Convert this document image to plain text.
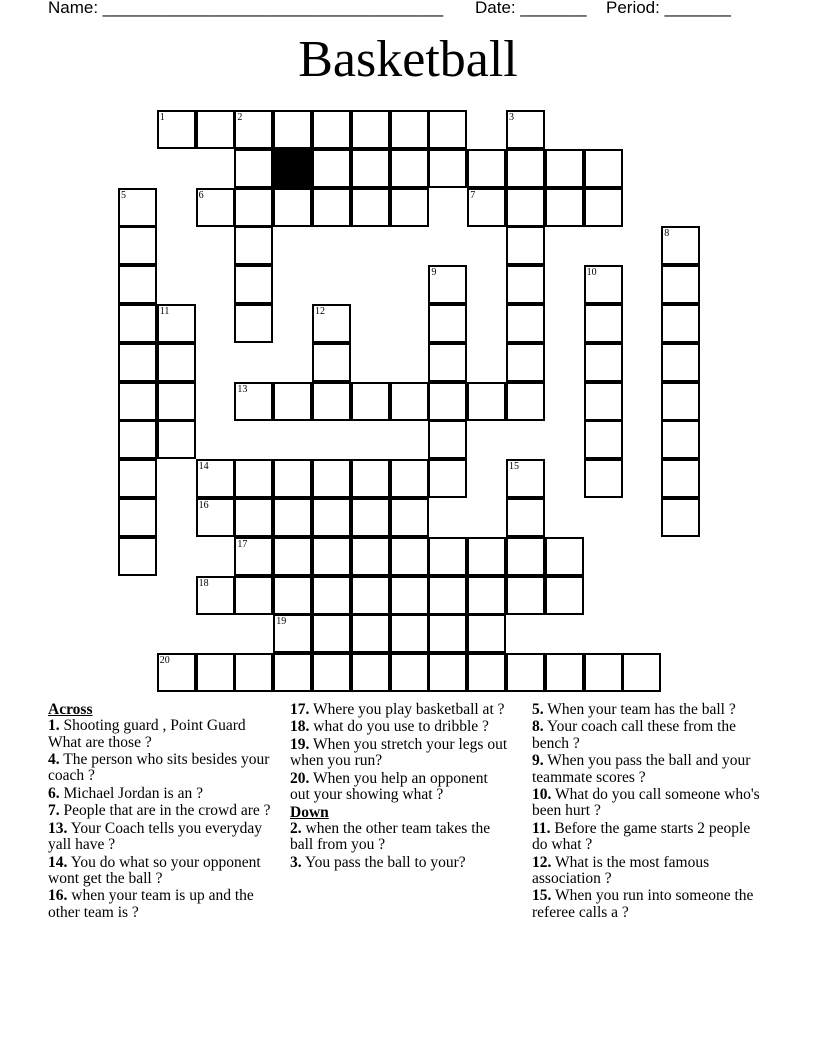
Name: ____________________________________ Date: _______ Period: _______
Basketball
1	2	3
4
5	6	7
8
9	10
11	12
13
14	15
16
17
18
19
20
Across
1. Shooting guard , Point Guard What are those ?
4. The person who sits besides your coach ?
6. Michael Jordan is an ?
7. People that are in the crowd are ?
13. Your Coach tells you everyday yall have ?
14. You do what so your opponent wont get the ball ?
16. when your team is up and the other team is ?
17. Where you play basketball at ?
18. what do you use to dribble ?
19. When you stretch your legs out when you run?
20. When you help an opponent out your showing what ?
Down
2. when the other team takes the ball from you ?
3. You pass the ball to your?
5. When your team has the ball ?
8. Your coach call these from the bench ?
9. When you pass the ball and your teammate scores ?
10. What do you call someone who's been hurt ?
11. Before the game starts 2 people do what ?
12. What is the most famous association ?
15. When you run into someone the referee calls a ?
